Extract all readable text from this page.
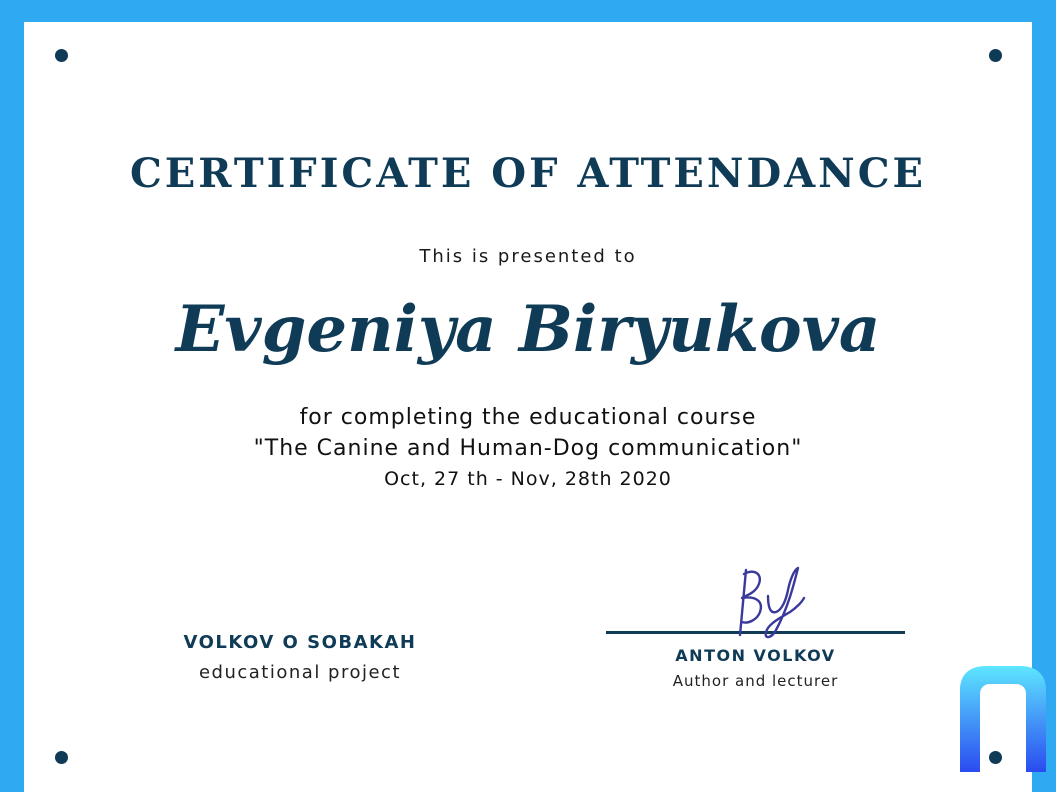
CERTIFICATE OF ATTENDANCE
This is presented to
Evgeniya Biryukova
for completing the educational course
"The Canine and Human-Dog communication"
Oct, 27 th - Nov, 28th 2020
VOLKOV O SOBAKAH
educational project
ANTON VOLKOV
Author and lecturer
